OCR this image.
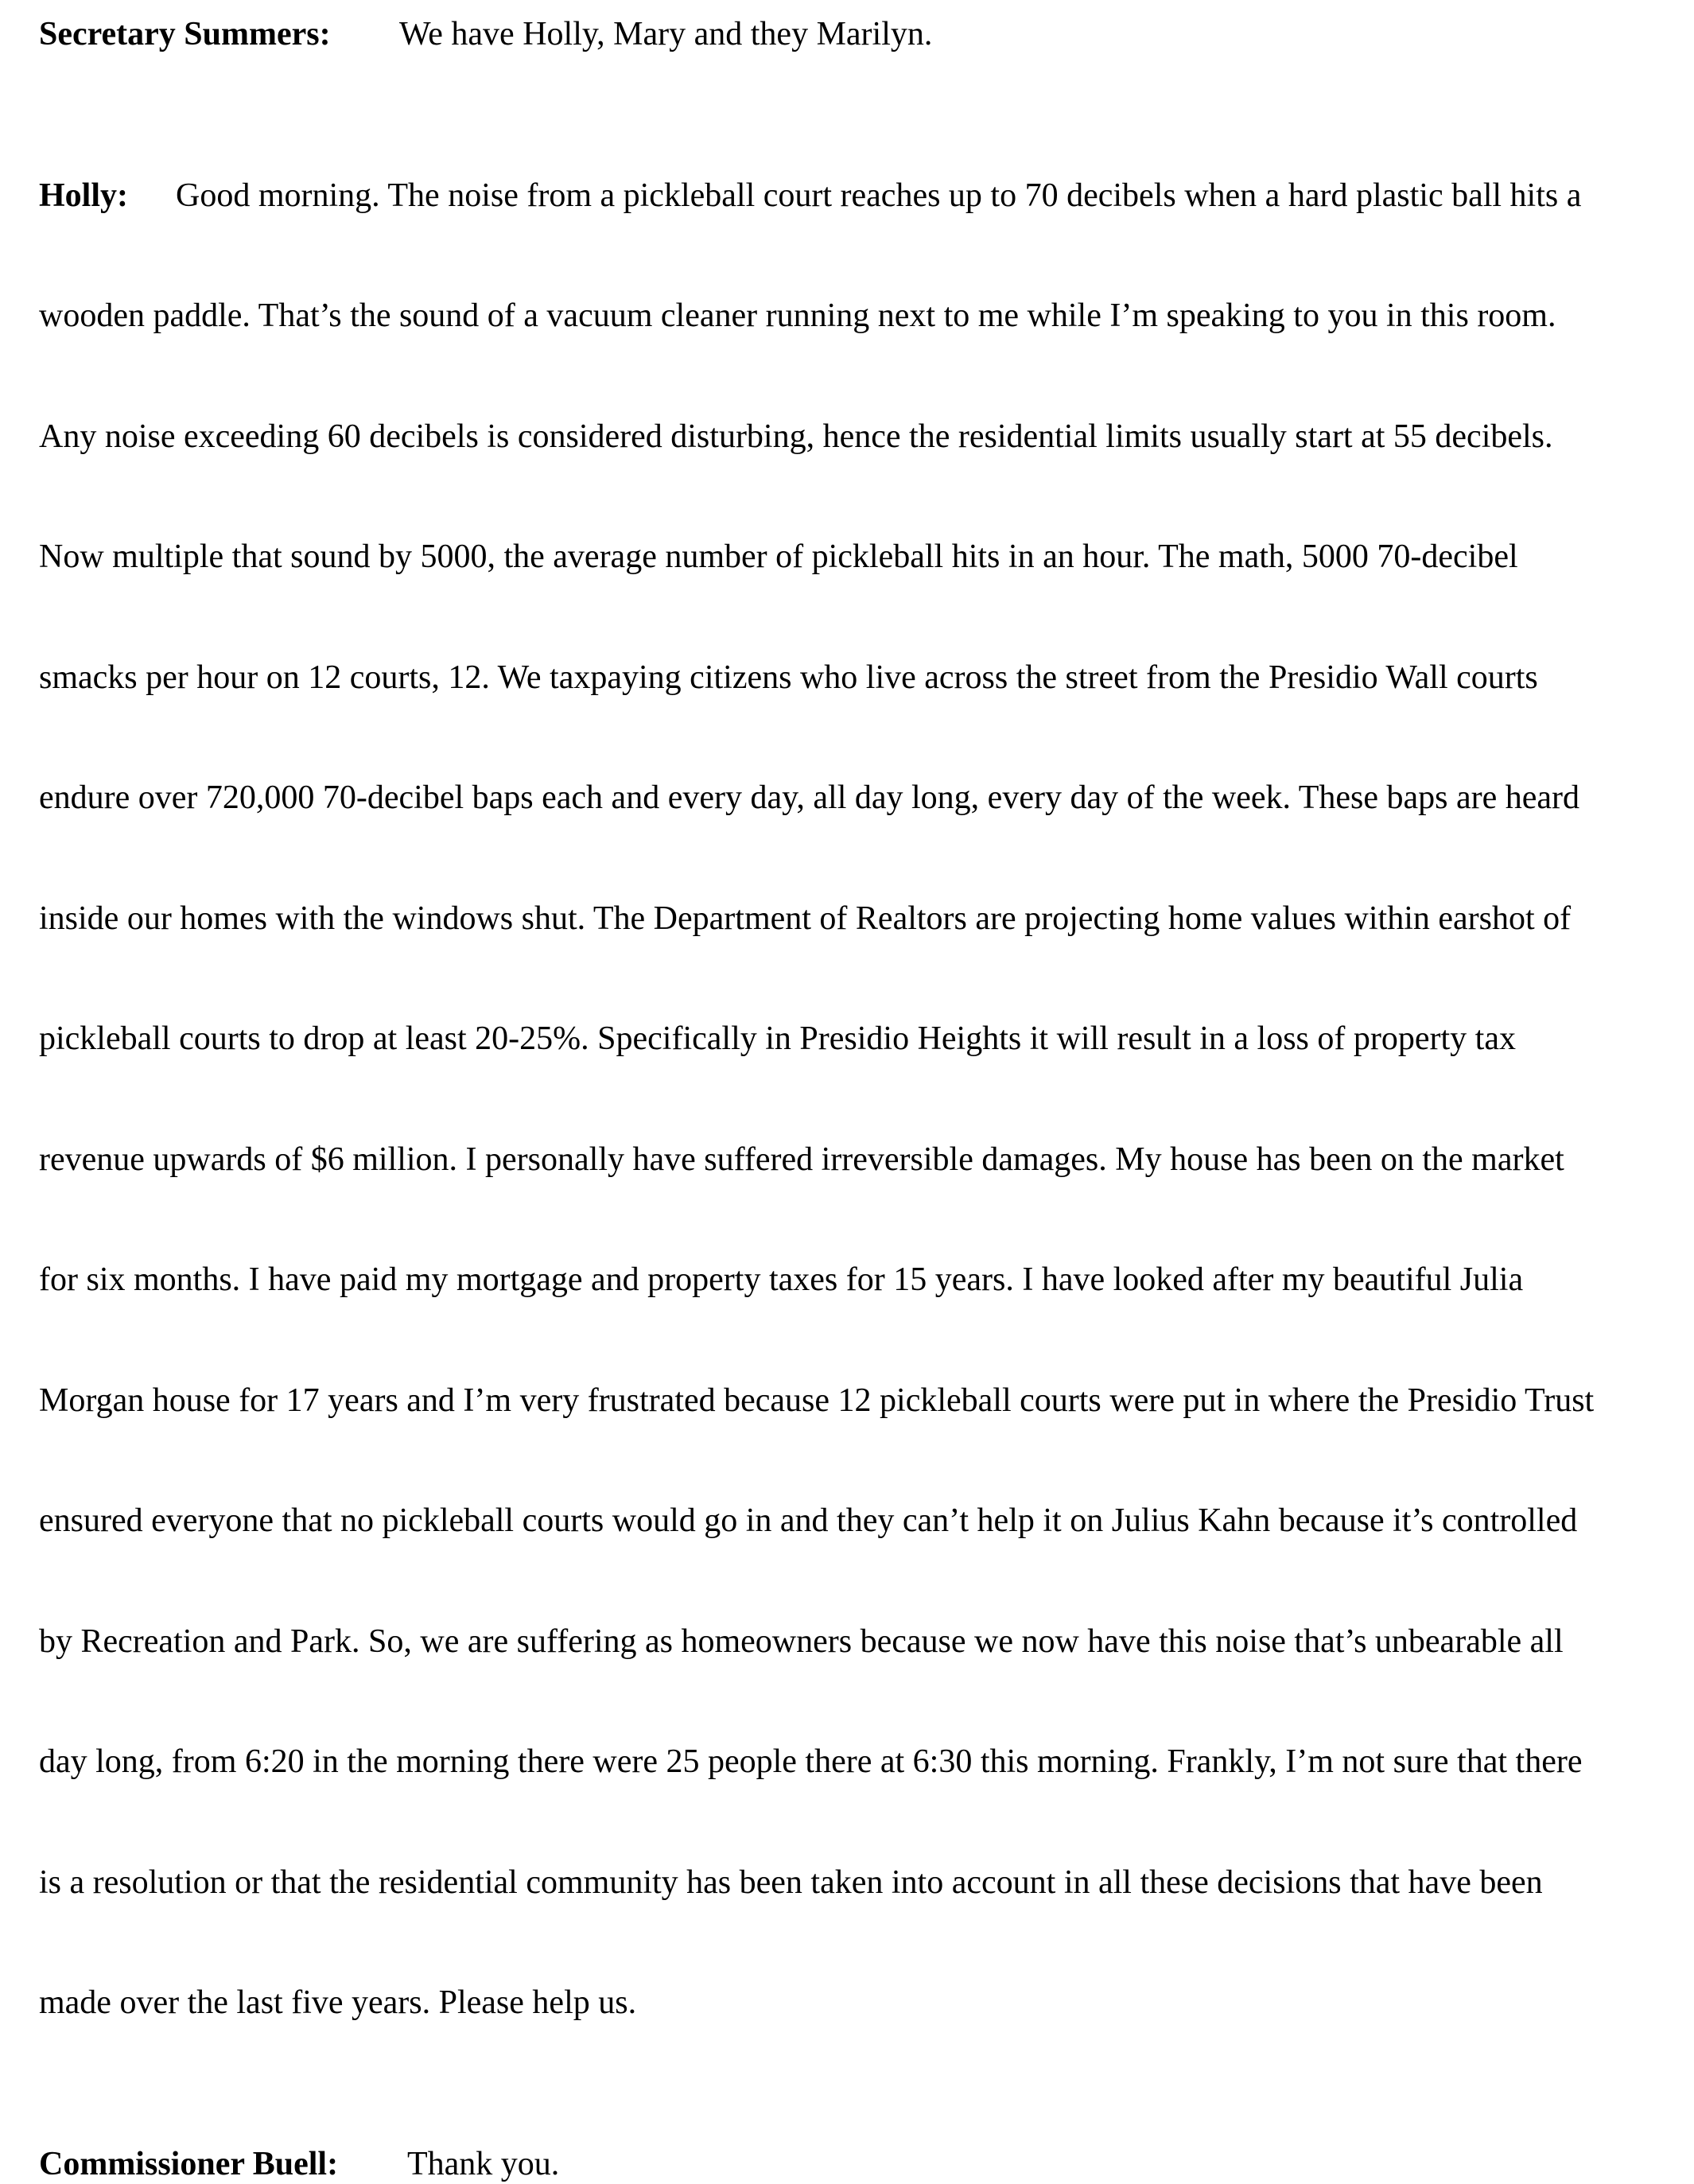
Secretary Summers: We have Holly, Mary and they Marilyn.

Holly: Good morning. The noise from a pickleball court reaches up to 70 decibels when a hard plastic ball hits a

wooden paddle. That’s the sound of a vacuum cleaner running next to me while I’m speaking to you in this room.

Any noise exceeding 60 decibels is considered disturbing, hence the residential limits usually start at 55 decibels.

Now multiple that sound by 5000, the average number of pickleball hits in an hour. The math, 5000 70-decibel

smacks per hour on 12 courts, 12. We taxpaying citizens who live across the street from the Presidio Wall courts

endure over 720,000 70-decibel baps each and every day, all day long, every day of the week. These baps are heard

inside our homes with the windows shut. The Department of Realtors are projecting home values within earshot of

pickleball courts to drop at least 20-25%. Specifically in Presidio Heights it will result in a loss of property tax

revenue upwards of $6 million. I personally have suffered irreversible damages. My house has been on the market

for six months. I have paid my mortgage and property taxes for 15 years. I have looked after my beautiful Julia

Morgan house for 17 years and I’m very frustrated because 12 pickleball courts were put in where the Presidio Trust

ensured everyone that no pickleball courts would go in and they can’t help it on Julius Kahn because it’s controlled

by Recreation and Park. So, we are suffering as homeowners because we now have this noise that’s unbearable all

day long, from 6:20 in the morning there were 25 people there at 6:30 this morning. Frankly, I’m not sure that there

is a resolution or that the residential community has been taken into account in all these decisions that have been

made over the last five years. Please help us.

Commissioner Buell: Thank you.
